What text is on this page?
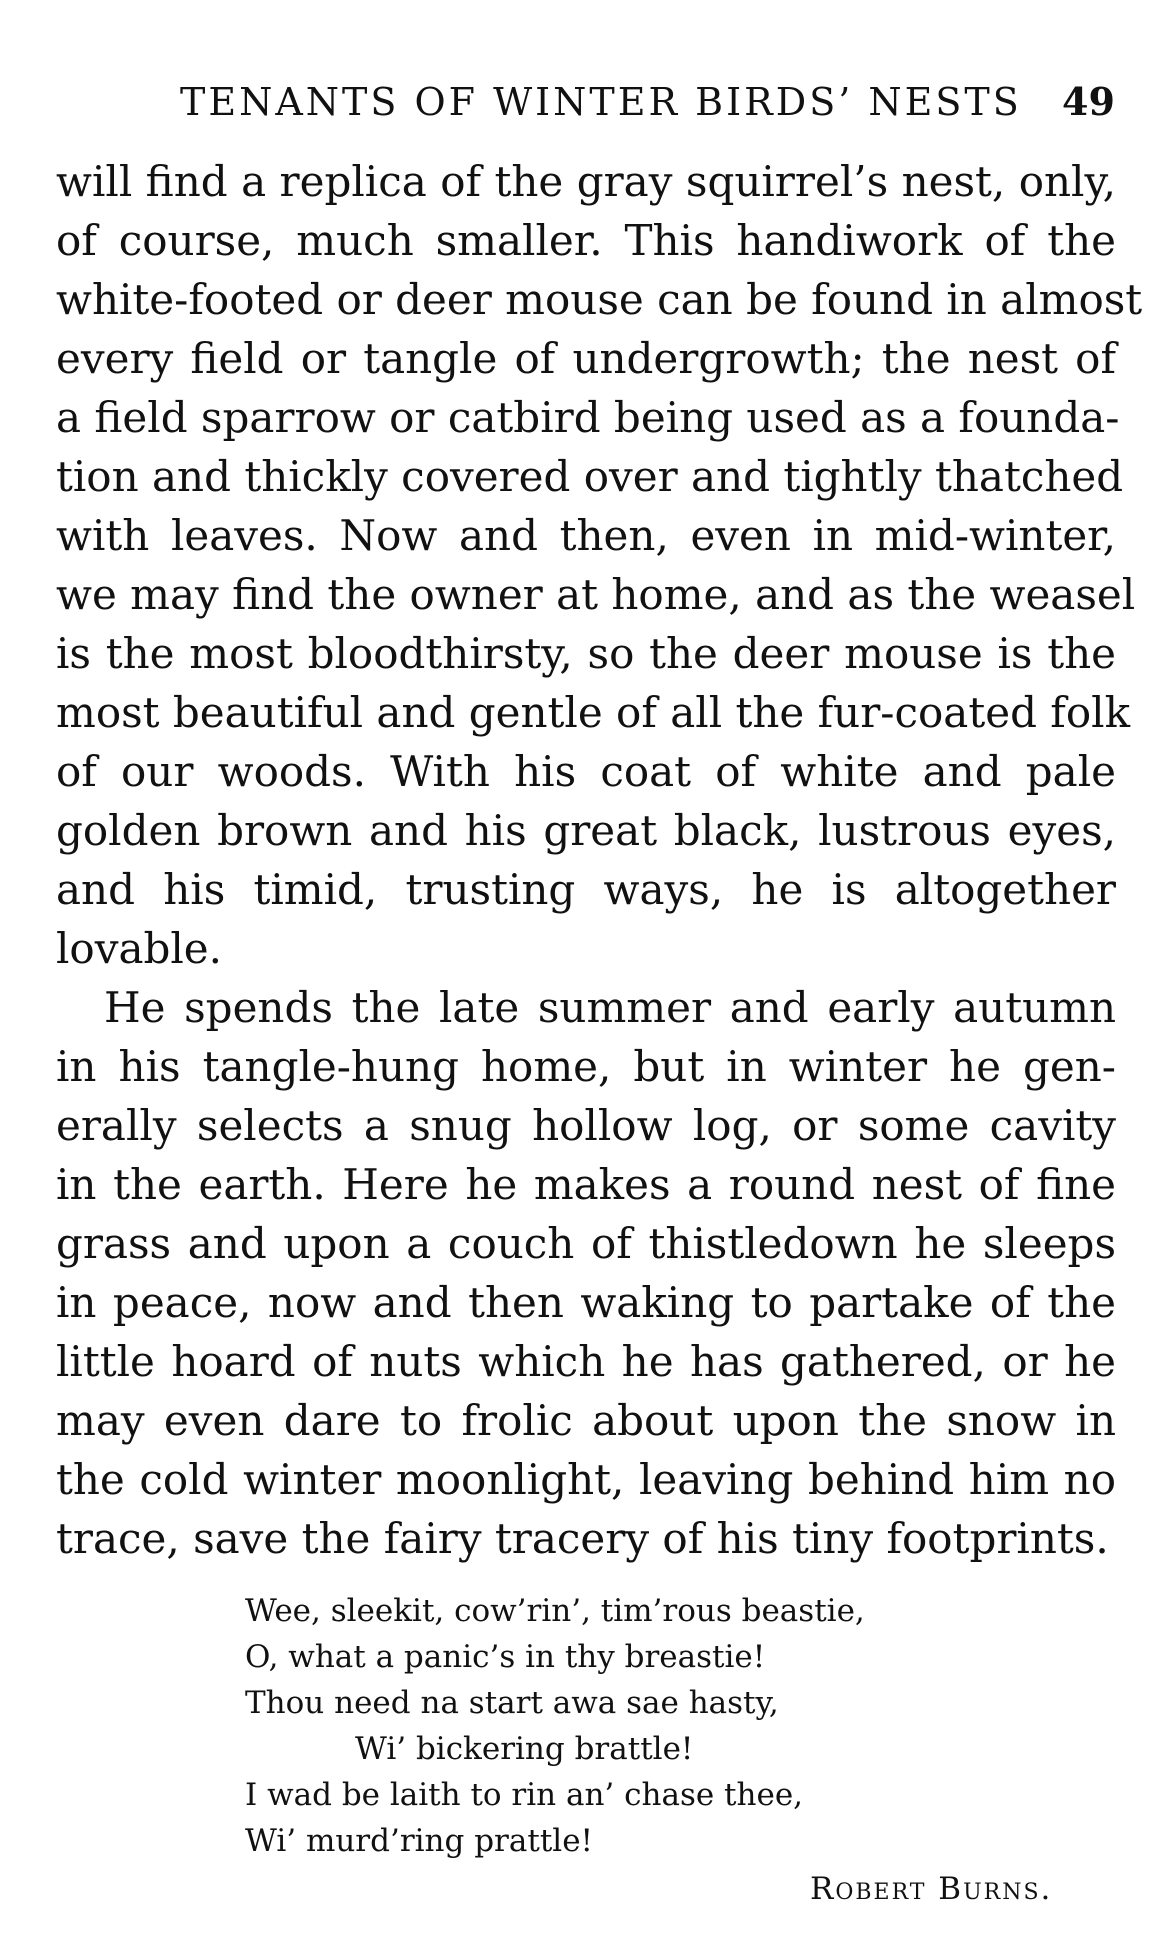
TENANTS OF WINTER BIRDS’ NESTS 49
will find a replica of the gray squirrel’s nest, only,
of course, much smaller. This handiwork of the
white-footed or deer mouse can be found in almost
every field or tangle of undergrowth; the nest of
a field sparrow or catbird being used as a founda-
tion and thickly covered over and tightly thatched
with leaves. Now and then, even in mid-winter,
we may find the owner at home, and as the weasel
is the most bloodthirsty, so the deer mouse is the
most beautiful and gentle of all the fur-coated folk
of our woods. With his coat of white and pale
golden brown and his great black, lustrous eyes,
and his timid, trusting ways, he is altogether
lovable.
He spends the late summer and early autumn
in his tangle-hung home, but in winter he gen-
erally selects a snug hollow log, or some cavity
in the earth. Here he makes a round nest of fine
grass and upon a couch of thistledown he sleeps
in peace, now and then waking to partake of the
little hoard of nuts which he has gathered, or he
may even dare to frolic about upon the snow in
the cold winter moonlight, leaving behind him no
trace, save the fairy tracery of his tiny footprints.
Wee, sleekit, cow’rin’, tim’rous beastie,
O, what a panic’s in thy breastie!
Thou need na start awa sae hasty,
Wi’ bickering brattle!
I wad be laith to rin an’ chase thee,
Wi’ murd’ring prattle!
Robert Burns.
